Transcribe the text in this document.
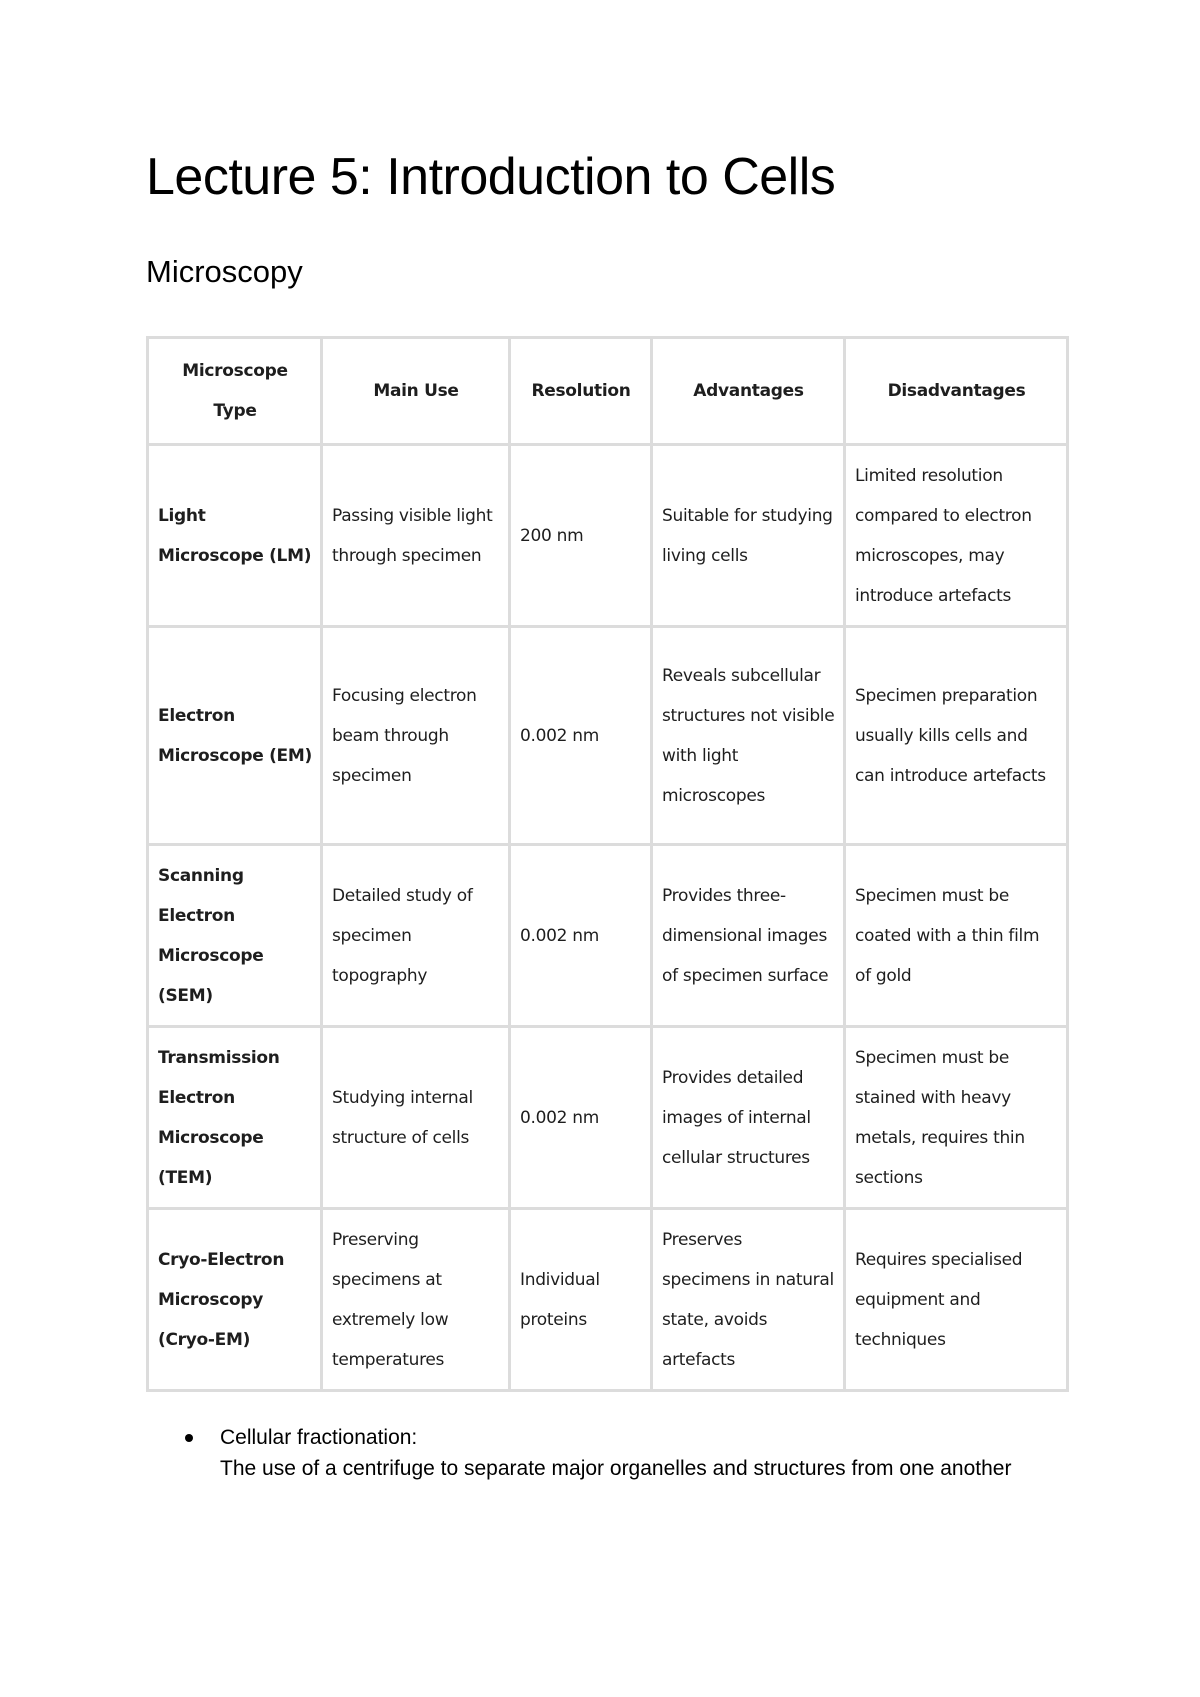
Lecture 5: Introduction to Cells
Microscopy
Microscope Type	Main Use	Resolution	Advantages	Disadvantages
Light Microscope (LM)	Passing visible light through specimen	200 nm	Suitable for studying living cells	Limited resolution compared to electron microscopes, may introduce artefacts
Electron Microscope (EM)	Focusing electron beam through specimen	0.002 nm	Reveals subcellular structures not visible with light microscopes	Specimen preparation usually kills cells and can introduce artefacts
Scanning Electron Microscope (SEM)	Detailed study of specimen topography	0.002 nm	Provides three-dimensional images of specimen surface	Specimen must be coated with a thin film of gold
Transmission Electron Microscope (TEM)	Studying internal structure of cells	0.002 nm	Provides detailed images of internal cellular structures	Specimen must be stained with heavy metals, requires thin sections
Cryo-Electron Microscopy (Cryo-EM)	Preserving specimens at extremely low temperatures	Individual proteins	Preserves specimens in natural state, avoids artefacts	Requires specialised equipment and techniques
Cellular fractionation:
The use of a centrifuge to separate major organelles and structures from one another
